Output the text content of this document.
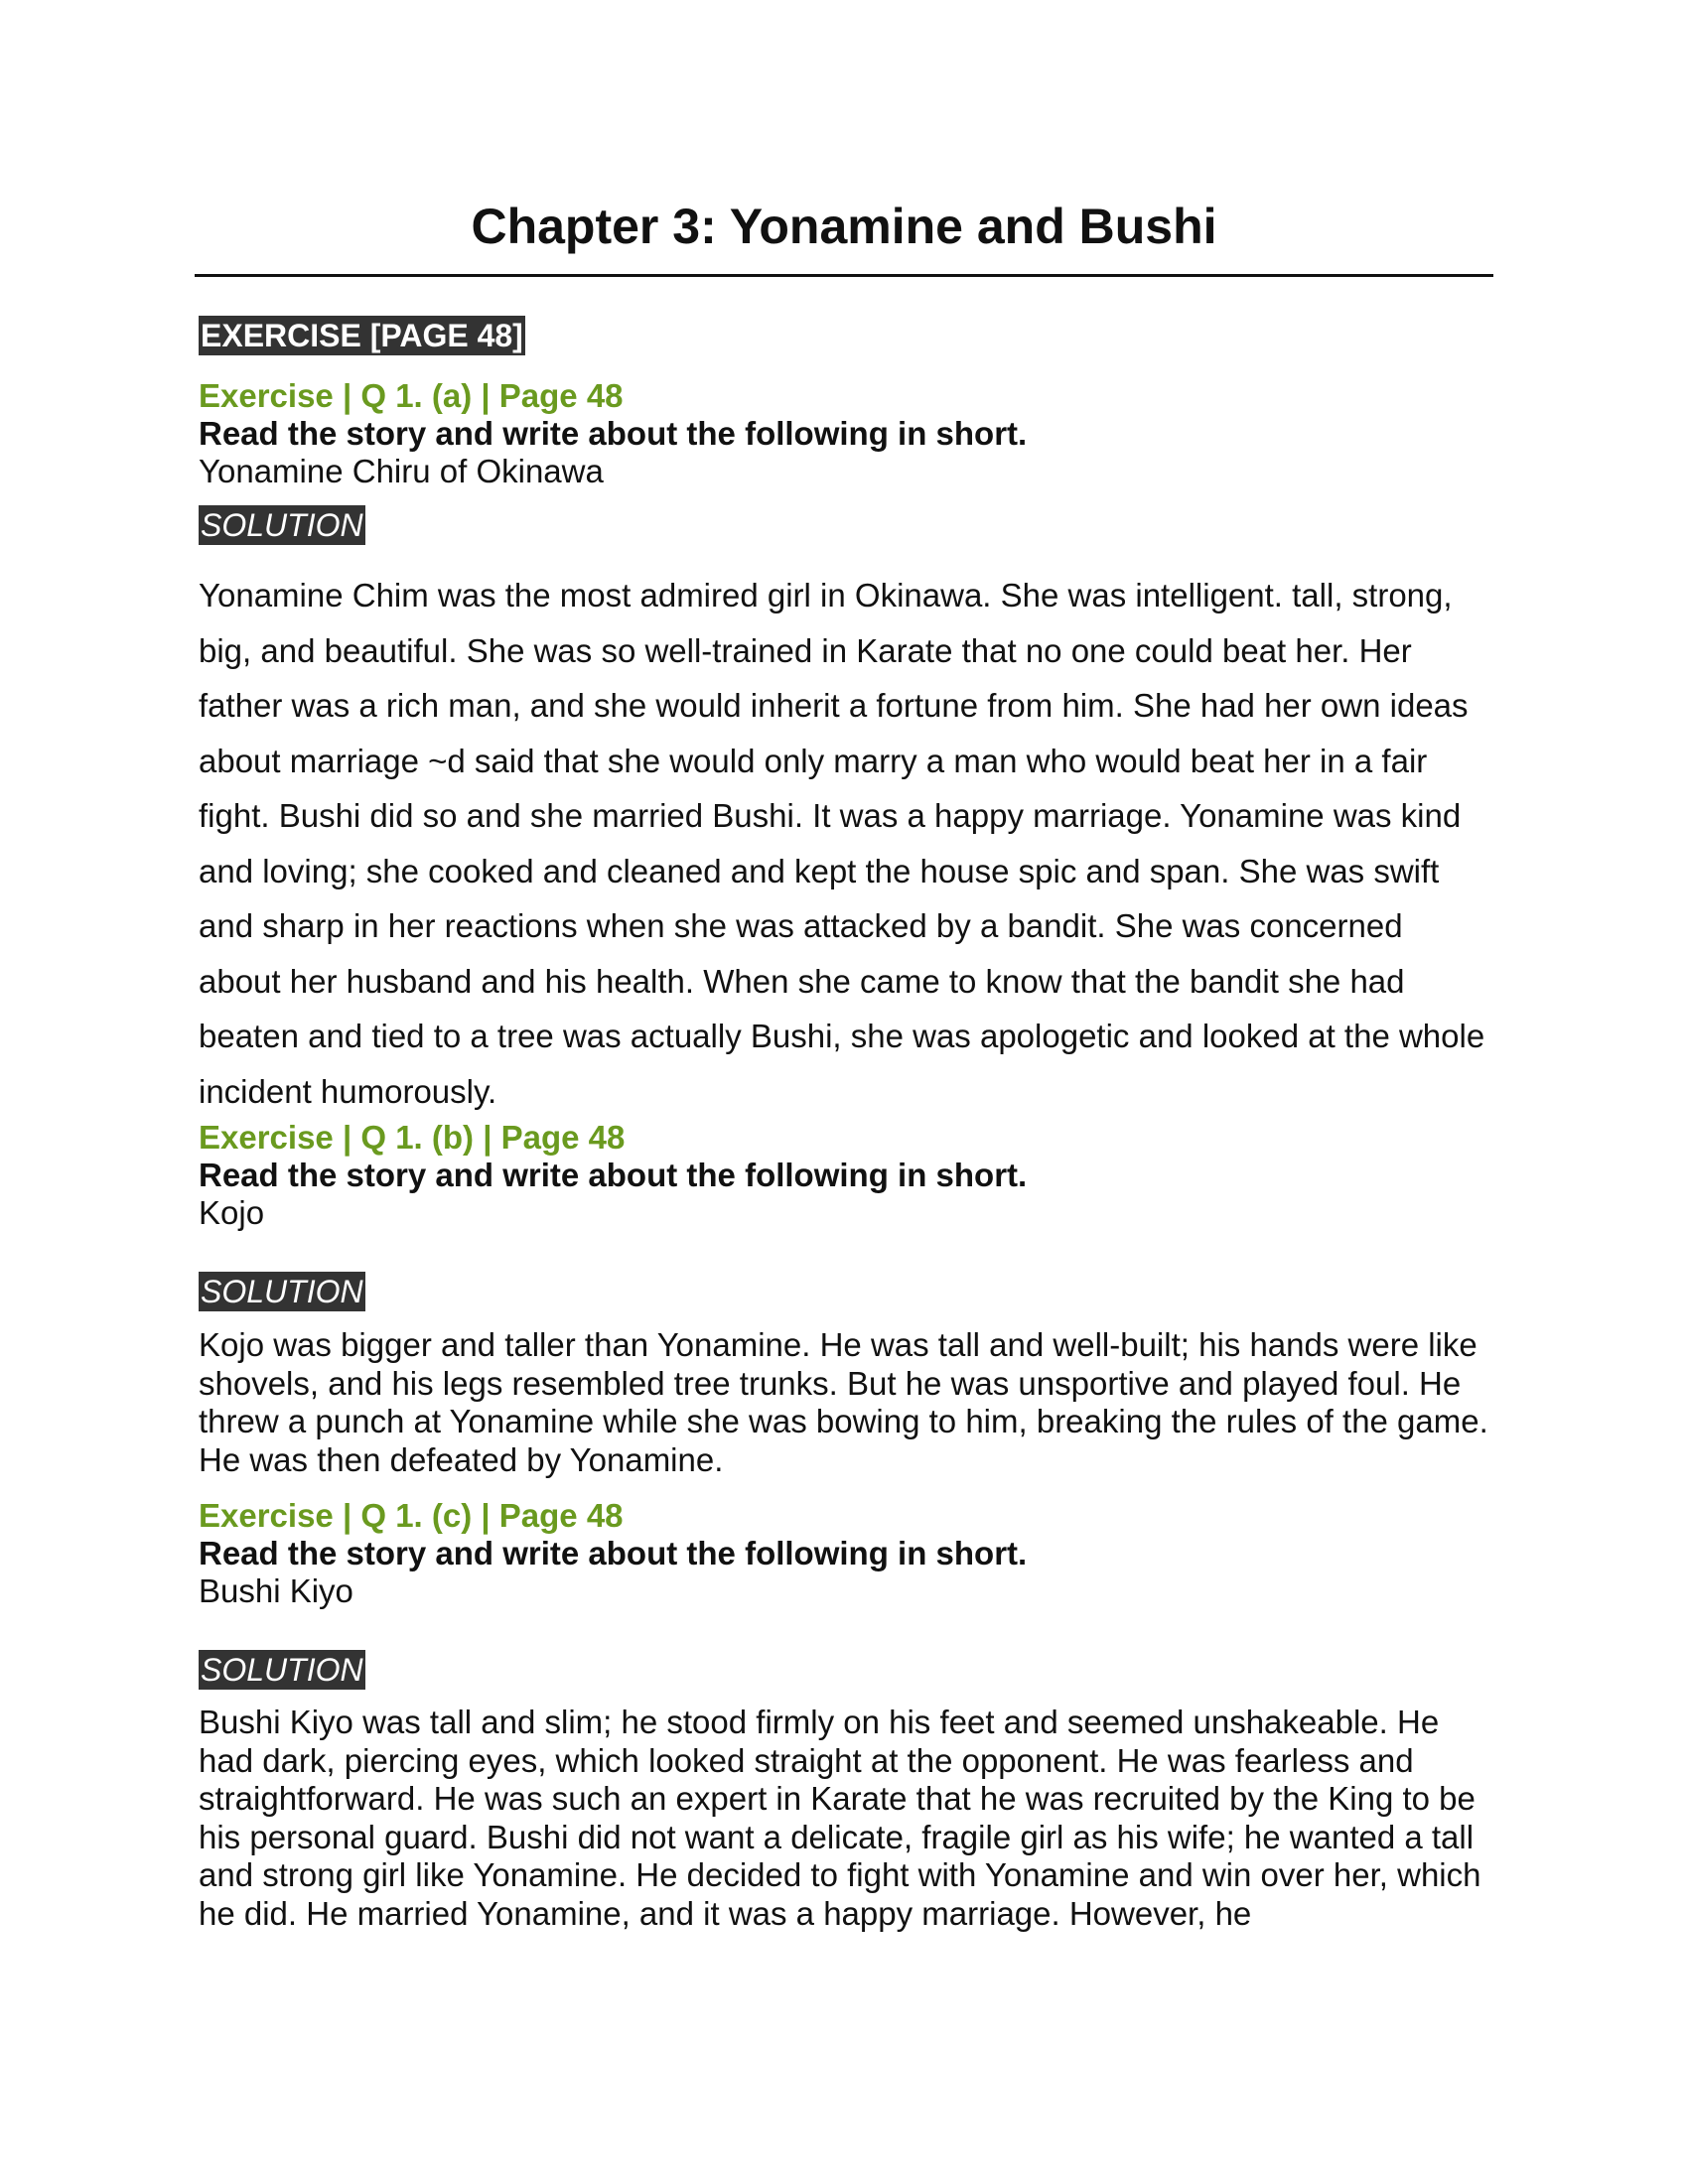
Chapter 3: Yonamine and Bushi
EXERCISE [PAGE 48]

Exercise | Q 1. (a) | Page 48

Read the story and write about the following in short.

Yonamine Chiru of Okinawa

SOLUTION

Yonamine Chim was the most admired girl in Okinawa. She was intelligent. tall, strong, big, and beautiful. She was so well-trained in Karate that no one could beat her. Her father was a rich man, and she would inherit a fortune from him. She had her own ideas about marriage ~d said that she would only marry a man who would beat her in a fair fight. Bushi did so and she married Bushi. It was a happy marriage. Yonamine was kind and loving; she cooked and cleaned and kept the house spic and span. She was swift and sharp in her reactions when she was attacked by a bandit. She was concerned about her husband and his health. When she came to know that the bandit she had beaten and tied to a tree was actually Bushi, she was apologetic and looked at the whole incident humorously.

Exercise | Q 1. (b) | Page 48

Read the story and write about the following in short.

Kojo

SOLUTION

Kojo was bigger and taller than Yonamine. He was tall and well-built; his hands were like shovels, and his legs resembled tree trunks. But he was unsportive and played foul. He threw a punch at Yonamine while she was bowing to him, breaking the rules of the game. He was then defeated by Yonamine.

Exercise | Q 1. (c) | Page 48

Read the story and write about the following in short.

Bushi Kiyo

SOLUTION

Bushi Kiyo was tall and slim; he stood firmly on his feet and seemed unshakeable. He had dark, piercing eyes, which looked straight at the opponent. He was fearless and straightforward. He was such an expert in Karate that he was recruited by the King to be his personal guard. Bushi did not want a delicate, fragile girl as his wife; he wanted a tall and strong girl like Yonamine. He decided to fight with Yonamine and win over her, which he did. He married Yonamine, and it was a happy marriage. However, he
